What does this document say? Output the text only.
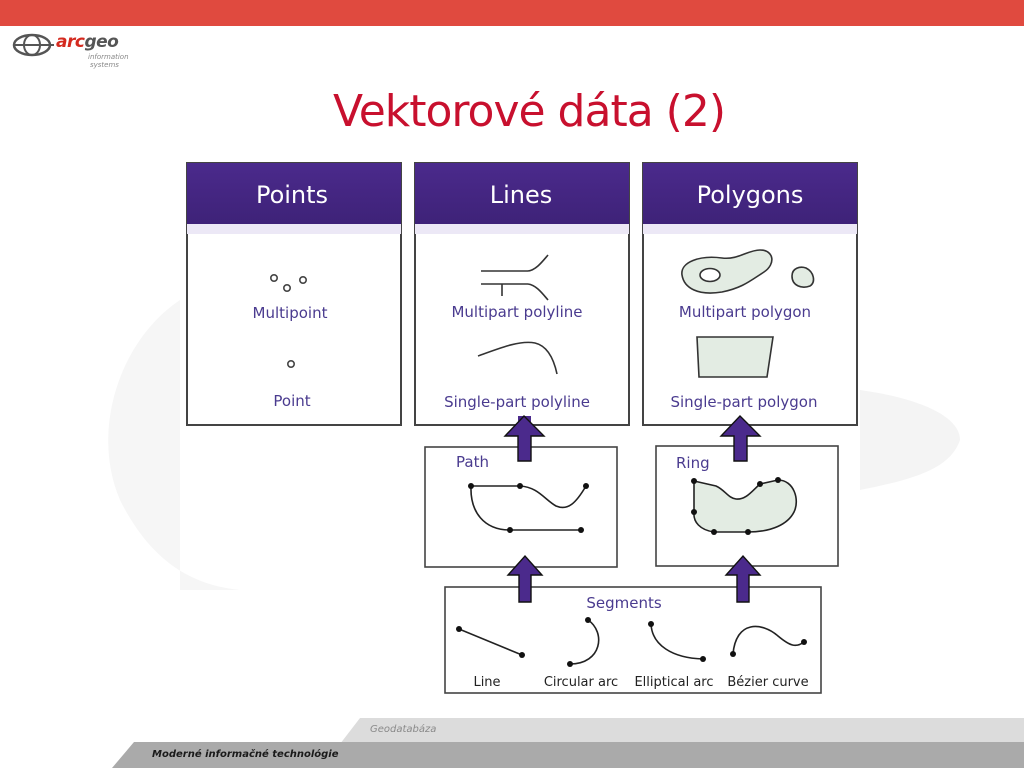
arcgeo
information
systems
Vektorové dáta (2)
Points
Multipoint
Point
Lines
Multipart polyline
Single-part polyline
Polygons
Multipart polygon
Single-part polygon
Path	Ring
Segments
Line	Circular arc Elliptical arc Bézier curve
Geodatabáza
Moderné informačné technológie
